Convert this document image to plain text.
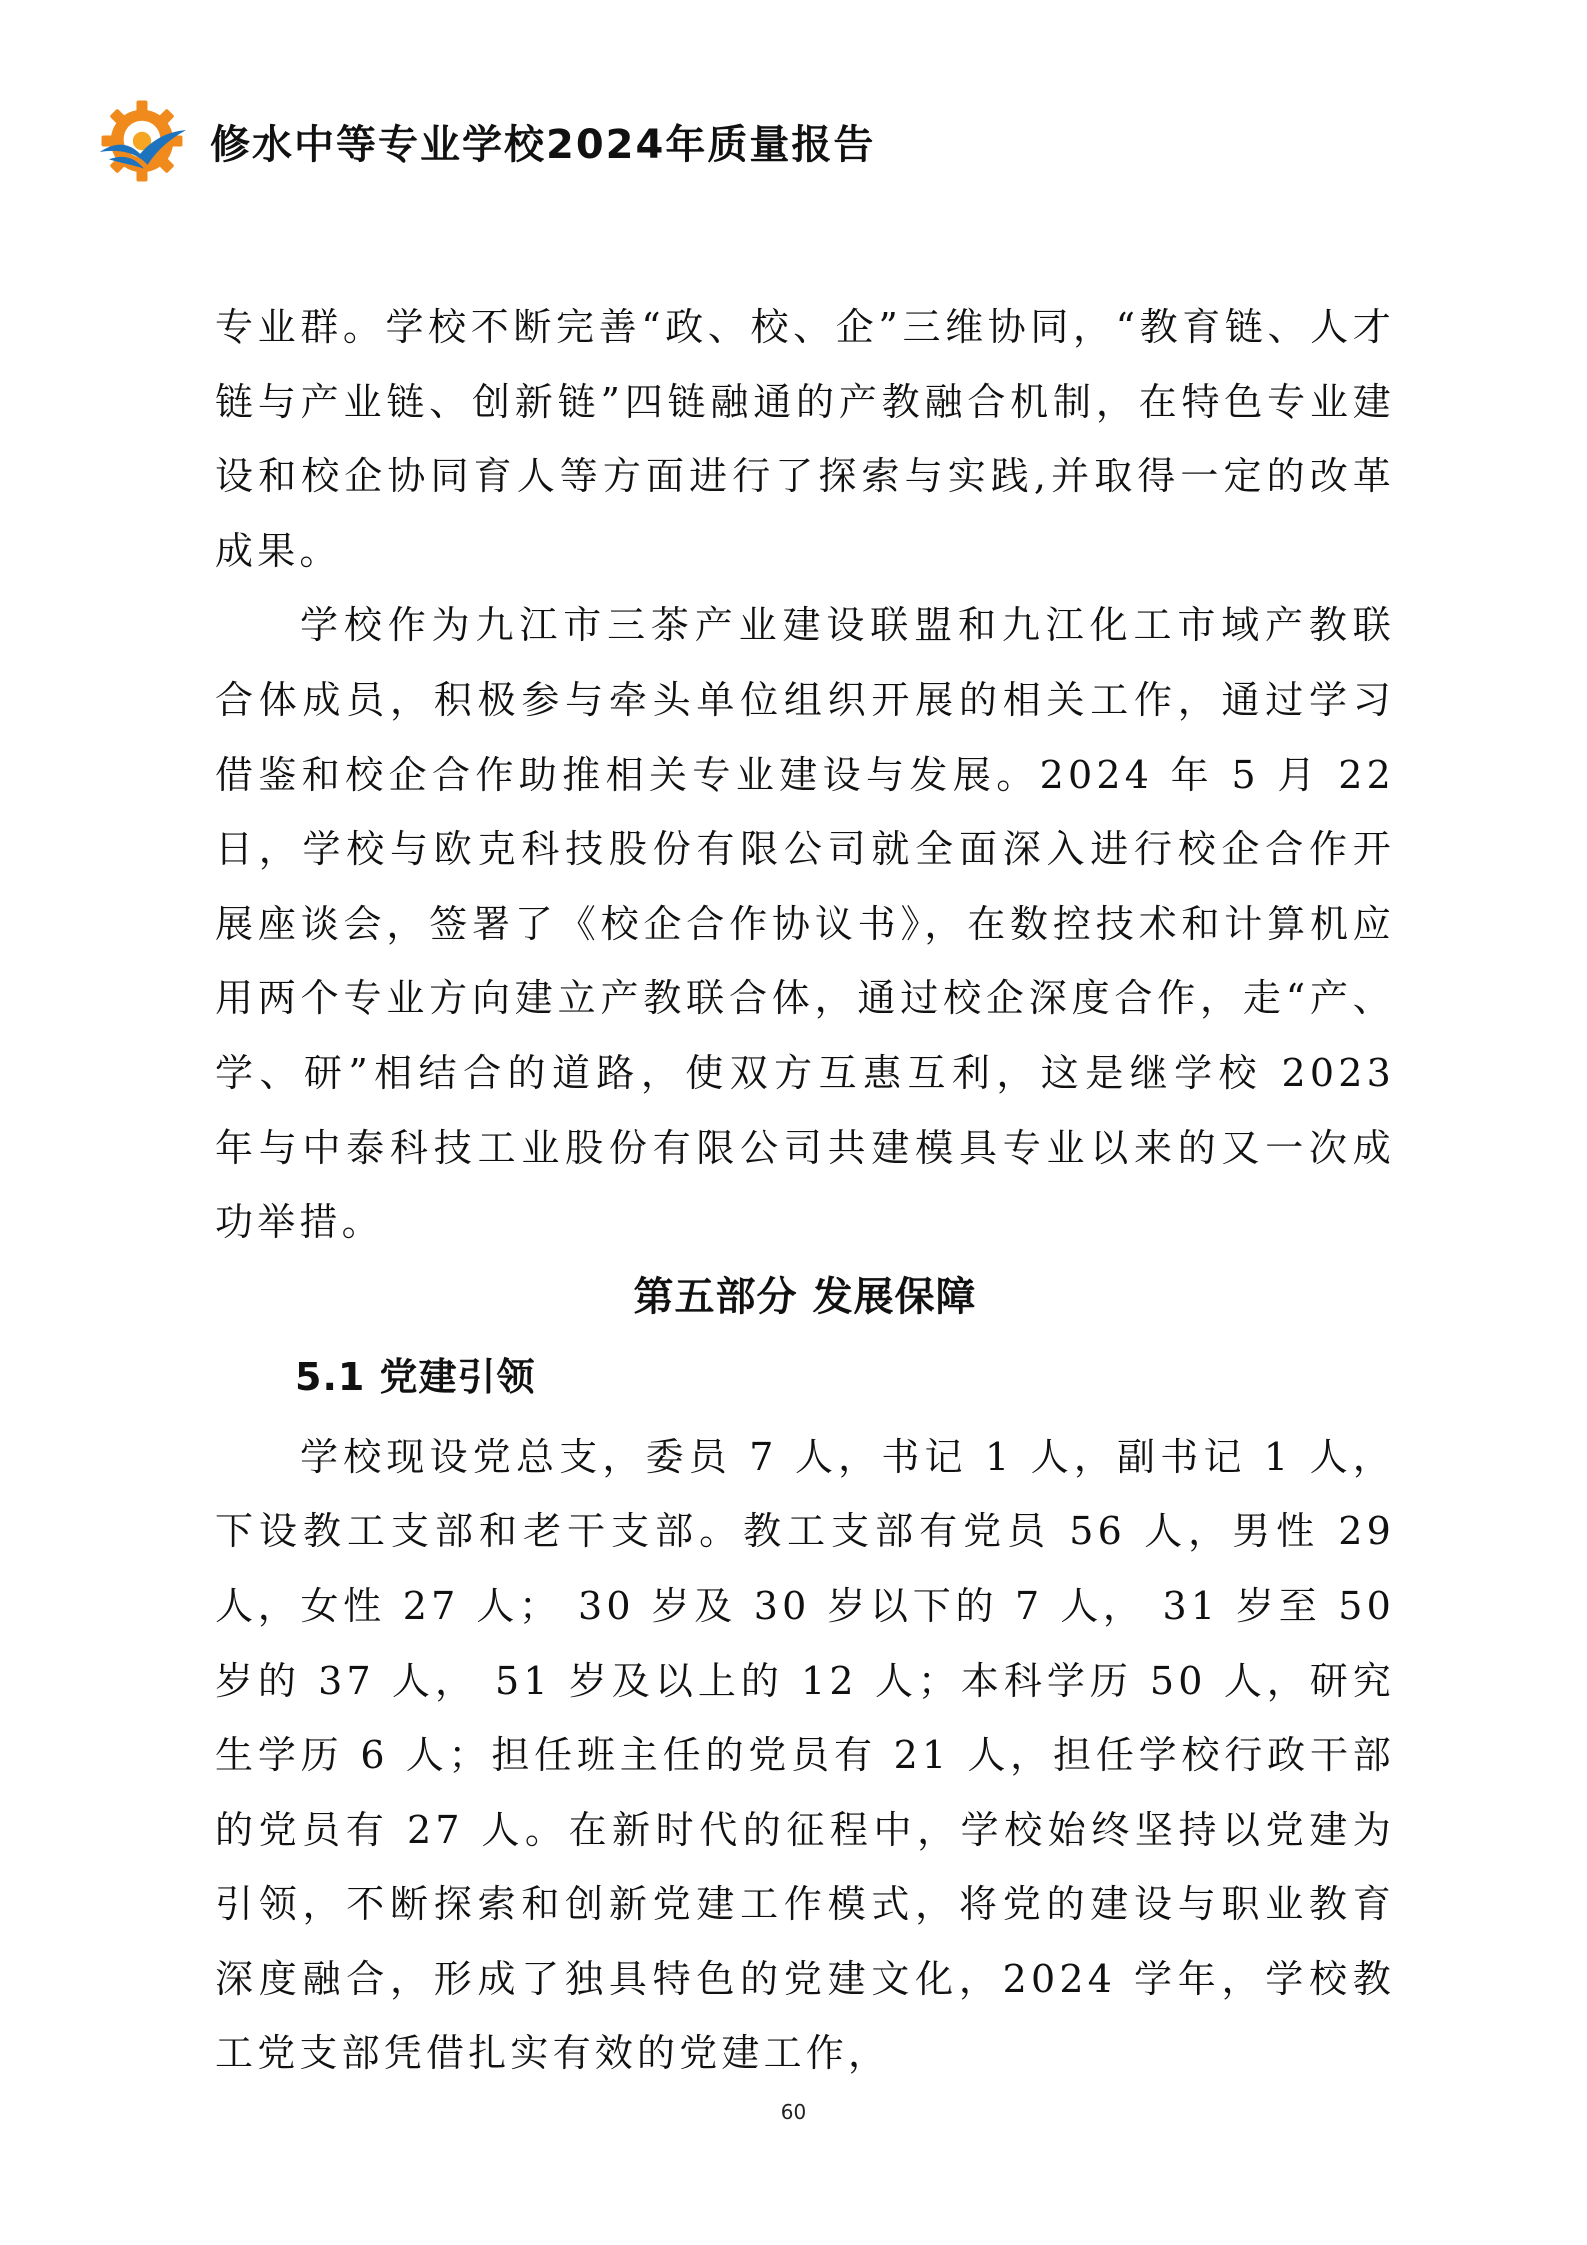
修水中等专业学校2024年质量报告

专业群。学校不断完善“政、校、企”三维协同，“教育链、人才链与产业链、创新链”四链融通的产教融合机制，在特色专业建设和校企协同育人等方面进行了探索与实践,并取得一定的改革成果。

学校作为九江市三茶产业建设联盟和九江化工市域产教联合体成员，积极参与牵头单位组织开展的相关工作，通过学习借鉴和校企合作助推相关专业建设与发展。2024 年 5 月 22 日，学校与欧克科技股份有限公司就全面深入进行校企合作开展座谈会，签署了《校企合作协议书》，在数控技术和计算机应用两个专业方向建立产教联合体，通过校企深度合作，走“产、学、研”相结合的道路，使双方互惠互利，这是继学校 2023 年与中泰科技工业股份有限公司共建模具专业以来的又一次成功举措。

第五部分 发展保障
5.1 党建引领

学校现设党总支，委员 7 人，书记 1 人，副书记 1 人，下设教工支部和老干支部。教工支部有党员 56 人，男性 29 人，女性 27 人； 30 岁及 30 岁以下的 7 人， 31 岁至 50 岁的 37 人， 51 岁及以上的 12 人；本科学历 50 人，研究生学历 6 人；担任班主任的党员有 21 人，担任学校行政干部的党员有 27 人。在新时代的征程中，学校始终坚持以党建为引领，不断探索和创新党建工作模式，将党的建设与职业教育深度融合，形成了独具特色的党建文化，2024 学年，学校教工党支部凭借扎实有效的党建工作，

60
